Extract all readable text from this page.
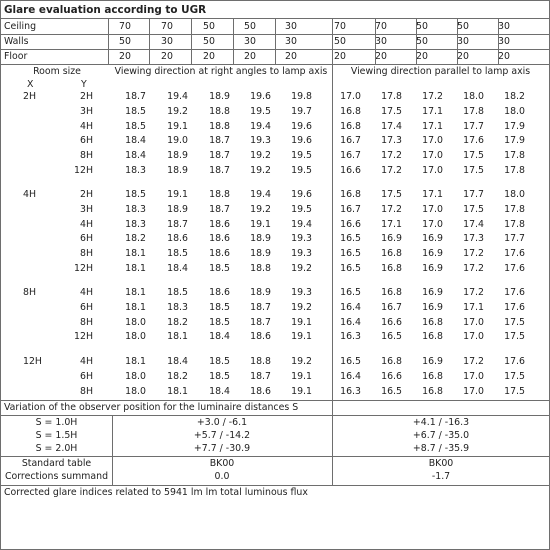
Glare evaluation according to UGR
Ceiling	70	70	50	50	30	70	70	50	50	30
Walls	50	30	50	30	30	50	30	50	30	30
Floor	20	20	20	20	20	20	20	20	20	20
Room size
X	Y
Viewing direction at right angles to lamp axis	Viewing direction parallel to lamp axis
2H	2H	18.7	19.4	18.9	19.6	19.8	17.0	17.8	17.2	18.0	18.2
3H	18.5	19.2	18.8	19.5	19.7	16.8	17.5	17.1	17.8	18.0
4H	18.5	19.1	18.8	19.4	19.6	16.8	17.4	17.1	17.7	17.9
6H	18.4	19.0	18.7	19.3	19.6	16.7	17.3	17.0	17.6	17.9
8H	18.4	18.9	18.7	19.2	19.5	16.7	17.2	17.0	17.5	17.8
12H	18.3	18.9	18.7	19.2	19.5	16.6	17.2	17.0	17.5	17.8
4H	2H	18.5	19.1	18.8	19.4	19.6	16.8	17.5	17.1	17.7	18.0
3H	18.3	18.9	18.7	19.2	19.5	16.7	17.2	17.0	17.5	17.8
4H	18.3	18.7	18.6	19.1	19.4	16.6	17.1	17.0	17.4	17.8
6H	18.2	18.6	18.6	18.9	19.3	16.5	16.9	16.9	17.3	17.7
8H	18.1	18.5	18.6	18.9	19.3	16.5	16.8	16.9	17.2	17.6
12H	18.1	18.4	18.5	18.8	19.2	16.5	16.8	16.9	17.2	17.6
8H	4H	18.1	18.5	18.6	18.9	19.3	16.5	16.8	16.9	17.2	17.6
6H	18.1	18.3	18.5	18.7	19.2	16.4	16.7	16.9	17.1	17.6
8H	18.0	18.2	18.5	18.7	19.1	16.4	16.6	16.8	17.0	17.5
12H	18.0	18.1	18.4	18.6	19.1	16.3	16.5	16.8	17.0	17.5
12H	4H	18.1	18.4	18.5	18.8	19.2	16.5	16.8	16.9	17.2	17.6
6H	18.0	18.2	18.5	18.7	19.1	16.4	16.6	16.8	17.0	17.5
8H	18.0	18.1	18.4	18.6	19.1	16.3	16.5	16.8	17.0	17.5
Variation of the observer position for the luminaire distances S
S = 1.0H	+3.0 / -6.1	+4.1 / -16.3
S = 1.5H	+5.7 / -14.2	+6.7 / -35.0
S = 2.0H	+7.7 / -30.9	+8.7 / -35.9
Standard table	BK00	BK00
Corrections summand	0.0	-1.7
Corrected glare indices related to 5941 lm lm total luminous flux
